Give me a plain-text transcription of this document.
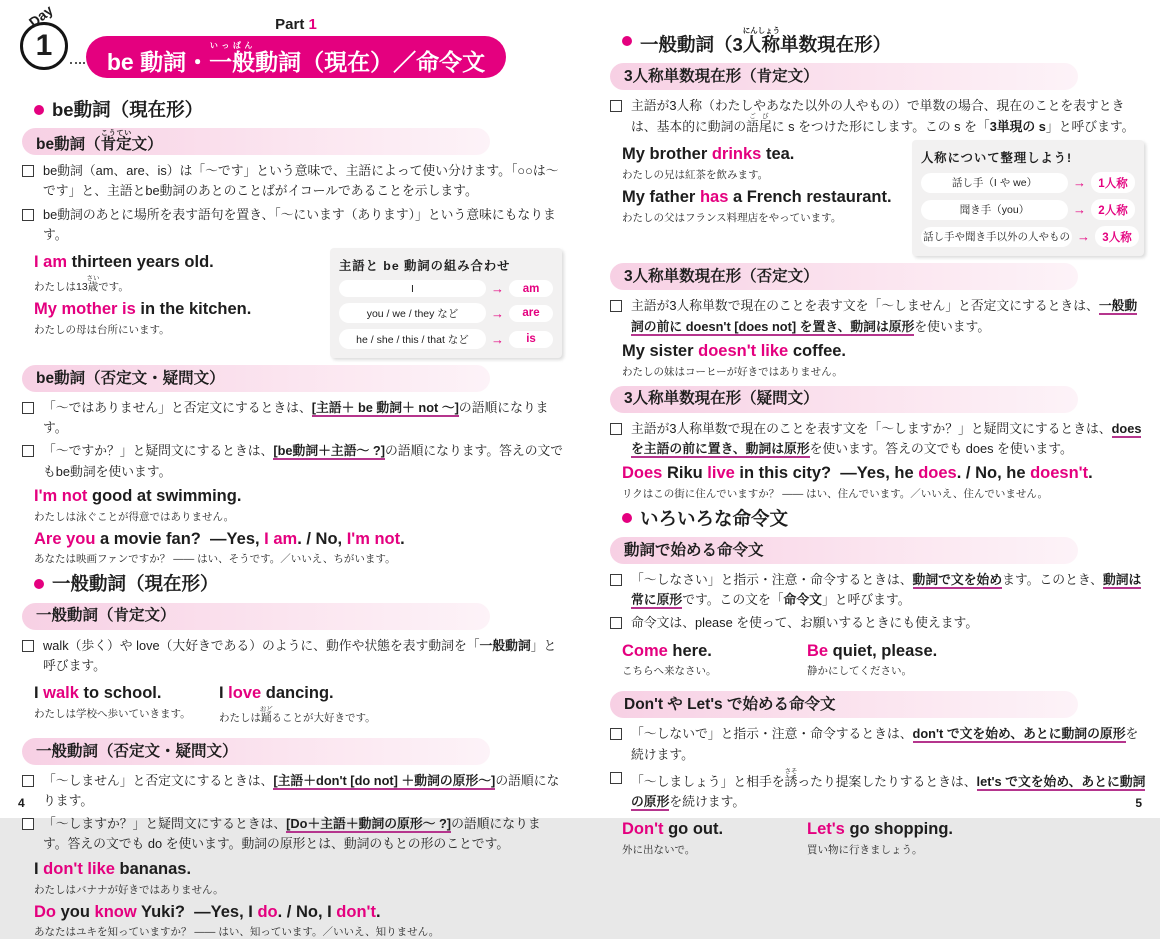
Day
1
Part 1
be 動詞・一般いっぱん動詞（現在）／命令文
be動詞（現在形）
be動詞（肯定こうてい文）
be動詞（am、are、is）は「～です」という意味で、主語によって使い分けます。「○○は～です」と、主語とbe動詞のあとのことばがイコールであることを示します。
be動詞のあとに場所を表す語句を置き、「～にいます（あります）」という意味にもなります。
I am thirteen years old.
わたしは13歳さいです。
My mother is in the kitchen.
わたしの母は台所にいます。
主語と be 動詞の組み合わせ
I	→	am
you / we / they など	→	are
he / she / this / that など	→	is
be動詞（否定文・疑問文）
「～ではありません」と否定文にするときは、[主語＋ be 動詞＋ not ～]の語順になります。
「～ですか？」と疑問文にするときは、[be動詞＋主語～ ?]の語順になります。答えの文でもbe動詞を使います。
I'm not good at swimming.
わたしは泳ぐことが得意ではありません。
Are you a movie fan?  —Yes, I am. / No, I'm not.
あなたは映画ファンですか？ ―― はい、そうです。／いいえ、ちがいます。
一般動詞（現在形）
一般動詞（肯定文）
walk（歩く）や love（大好きである）のように、動作や状態を表す動詞を「一般動詞」と呼びます。
I walk to school.
わたしは学校へ歩いていきます。
I love dancing.
わたしは踊おどることが大好きです。
一般動詞（否定文・疑問文）
「～しません」と否定文にするときは、[主語＋don't [do not] ＋動詞の原形～]の語順になります。
「～しますか？」と疑問文にするときは、[Do＋主語＋動詞の原形～ ?]の語順になります。答えの文でも do を使います。動詞の原形とは、動詞のもとの形のことです。
I don't like bananas.
わたしはバナナが好きではありません。
Do you know Yuki?  —Yes, I do. / No, I don't.
あなたはユキを知っていますか？ ―― はい、知っています。／いいえ、知りません。
4
一般動詞（3人称にんしょう単数現在形）
3人称単数現在形（肯定文）
主語が3人称（わたしやあなた以外の人やもの）で単数の場合、現在のことを表すときは、基本的に動詞の語尾ごびに s をつけた形にします。この s を「3単現の s」と呼びます。
My brother drinks tea.
わたしの兄は紅茶を飲みます。
My father has a French restaurant.
わたしの父はフランス料理店をやっています。
人称について整理しよう!
話し手（I や we）	→	1人称
聞き手（you）	→	2人称
話し手や聞き手以外の人やもの →	3人称
3人称単数現在形（否定文）
主語が3人称単数で現在のことを表す文を「～しません」と否定文にするときは、一般動詞の前に doesn't [does not] を置き、動詞は原形を使います。
My sister doesn't like coffee.
わたしの妹はコーヒーが好きではありません。
3人称単数現在形（疑問文）
主語が3人称単数で現在のことを表す文を「～しますか？」と疑問文にするときは、does を主語の前に置き、動詞は原形を使います。答えの文でも does を使います。
Does Riku live in this city?  —Yes, he does. / No, he doesn't.
リクはこの街に住んでいますか？ ―― はい、住んでいます。／いいえ、住んでいません。
いろいろな命令文
動詞で始める命令文
「～しなさい」と指示・注意・命令するときは、動詞で文を始めます。このとき、動詞は常に原形です。この文を「命令文」と呼びます。
命令文は、please を使って、お願いするときにも使えます。
Come here.
こちらへ来なさい。
Be quiet, please.
静かにしてください。
Don't や Let's で始める命令文
「～しないで」と指示・注意・命令するときは、don't で文を始め、あとに動詞の原形を続けます。
「～しましょう」と相手を誘さそったり提案したりするときは、let's で文を始め、あとに動詞の原形を続けます。
Don't go out.
外に出ないで。
Let's go shopping.
買い物に行きましょう。
5
